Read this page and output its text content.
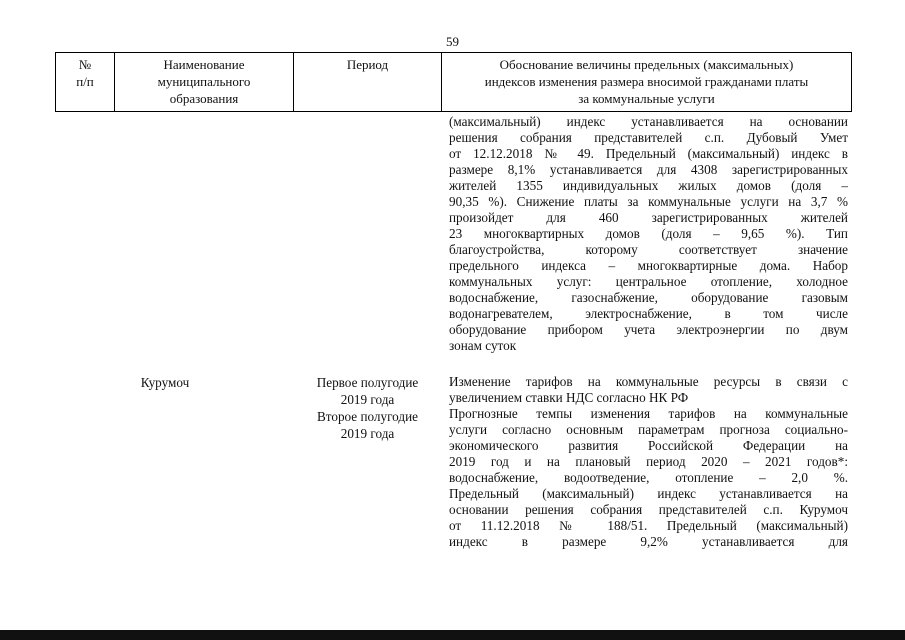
59
№
п/п
Наименование
муниципального
образования
Период	Обоснование величины предельных (максимальных)
индексов изменения размера вносимой гражданами платы
за коммунальные услуги
(максимальный) индекс устанавливается на основании
решения собрания представителей с.п. Дубовый Умет
от 12.12.2018 № 49. Предельный (максимальный) индекс в
размере 8,1% устанавливается для 4308 зарегистрированных
жителей 1355 индивидуальных жилых домов (доля –
90,35 %). Снижение платы за коммунальные услуги на 3,7 %
произойдет для 460 зарегистрированных жителей
23 многоквартирных домов (доля – 9,65 %). Тип
благоустройства, которому соответствует значение
предельного индекса – многоквартирные дома. Набор
коммунальных услуг: центральное отопление, холодное
водоснабжение, газоснабжение, оборудование газовым
водонагревателем, электроснабжение, в том числе
оборудование прибором учета электроэнергии по двум
зонам суток
Курумоч	Первое полугодие
2019 года
Второе полугодие
2019 года
Изменение тарифов на коммунальные ресурсы в связи с
увеличением ставки НДС согласно НК РФ
Прогнозные темпы изменения тарифов на коммунальные
услуги согласно основным параметрам прогноза социально-
экономического развития Российской Федерации на
2019 год и на плановый период 2020 – 2021 годов*:
водоснабжение, водоотведение, отопление – 2,0 %.
Предельный (максимальный) индекс устанавливается на
основании решения собрания представителей с.п. Курумоч
от 11.12.2018 № 188/51. Предельный (максимальный)
индекс в размере 9,2% устанавливается для
